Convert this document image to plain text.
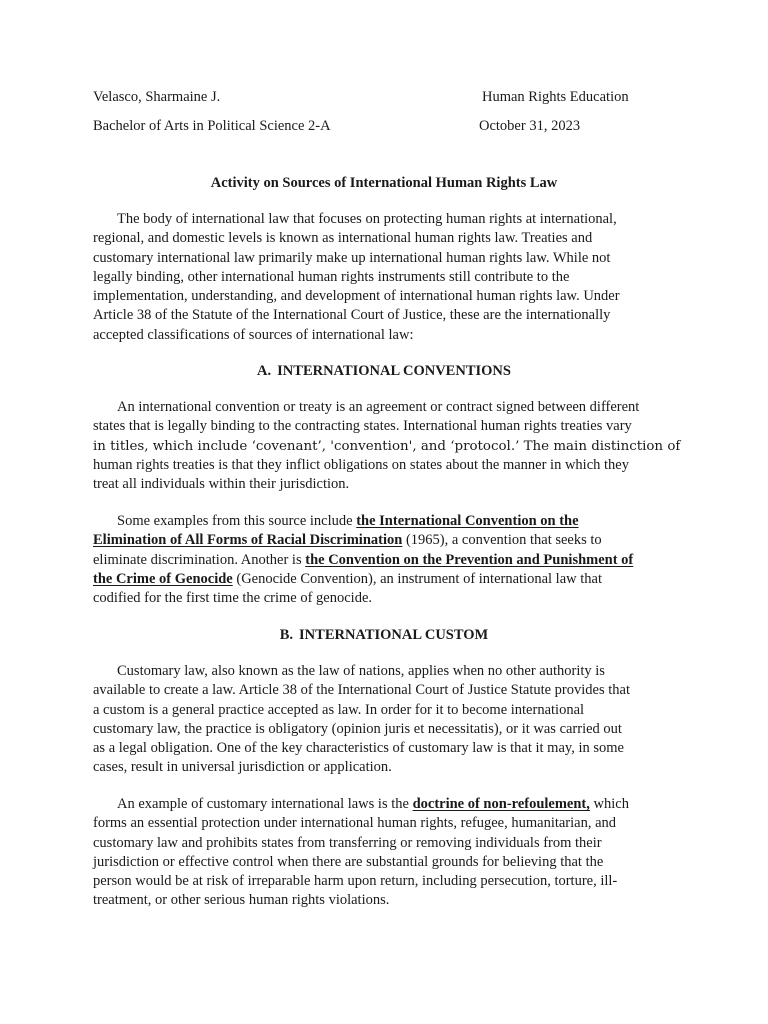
Velasco, Sharmaine J.	Human Rights Education
Bachelor of Arts in Political Science 2-A	October 31, 2023
Activity on Sources of International Human Rights Law
The body of international law that focuses on protecting human rights at international,
regional, and domestic levels is known as international human rights law. Treaties and
customary international law primarily make up international human rights law. While not
legally binding, other international human rights instruments still contribute to the
implementation, understanding, and development of international human rights law. Under
Article 38 of the Statute of the International Court of Justice, these are the internationally
accepted classifications of sources of international law:
A. INTERNATIONAL CONVENTIONS
An international convention or treaty is an agreement or contract signed between different
states that is legally binding to the contracting states. International human rights treaties vary
in titles, which include ‘covenant’, 'convention', and ‘protocol.’ The main distinction of
human rights treaties is that they inflict obligations on states about the manner in which they
treat all individuals within their jurisdiction.
Some examples from this source include the International Convention on the
Elimination of All Forms of Racial Discrimination (1965), a convention that seeks to
eliminate discrimination. Another is the Convention on the Prevention and Punishment of
the Crime of Genocide (Genocide Convention), an instrument of international law that
codified for the first time the crime of genocide.
B. INTERNATIONAL CUSTOM
Customary law, also known as the law of nations, applies when no other authority is
available to create a law. Article 38 of the International Court of Justice Statute provides that
a custom is a general practice accepted as law. In order for it to become international
customary law, the practice is obligatory (opinion juris et necessitatis), or it was carried out
as a legal obligation. One of the key characteristics of customary law is that it may, in some
cases, result in universal jurisdiction or application.
An example of customary international laws is the doctrine of non-refoulement, which
forms an essential protection under international human rights, refugee, humanitarian, and
customary law and prohibits states from transferring or removing individuals from their
jurisdiction or effective control when there are substantial grounds for believing that the
person would be at risk of irreparable harm upon return, including persecution, torture, ill-
treatment, or other serious human rights violations.
